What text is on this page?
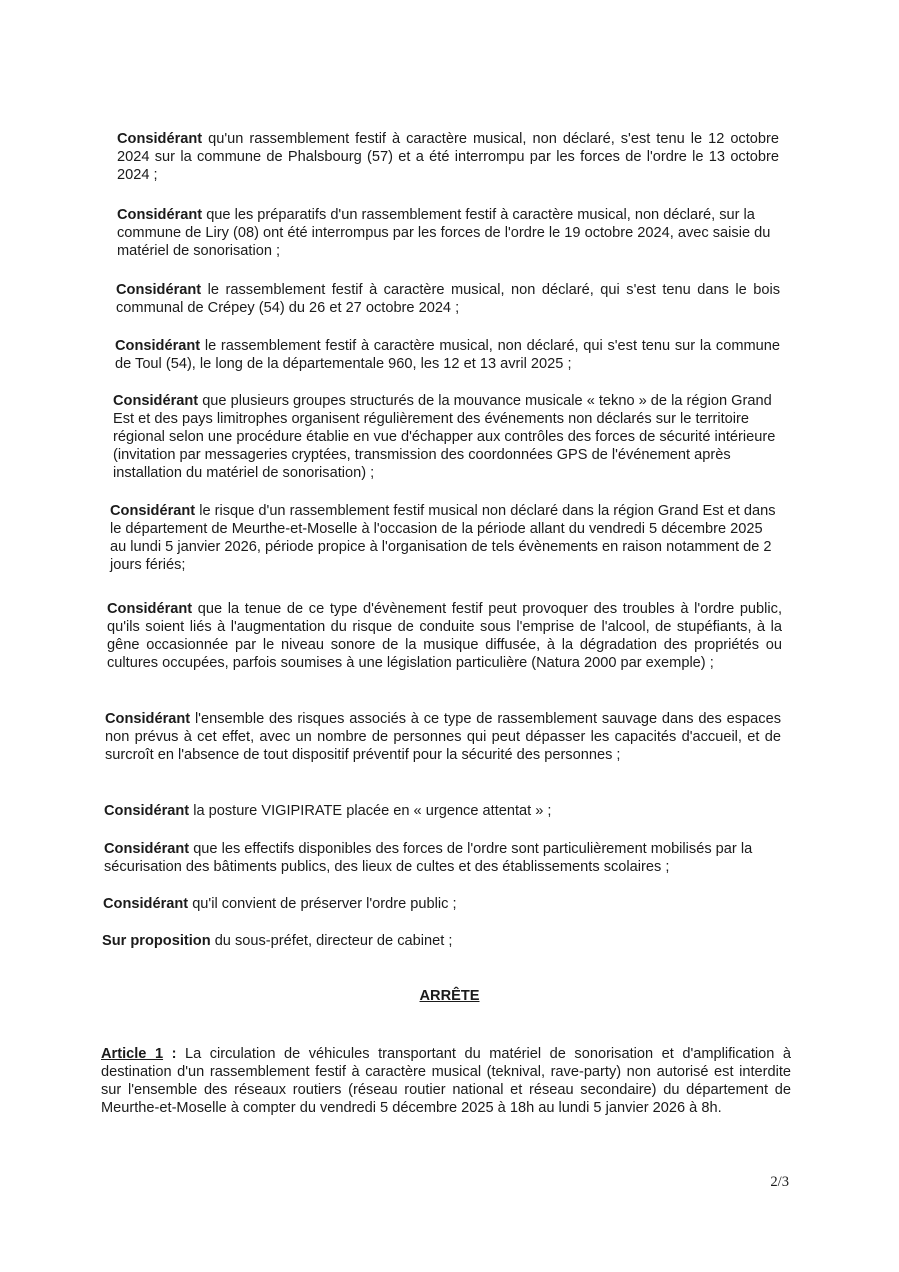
Considérant qu'un rassemblement festif à caractère musical, non déclaré, s'est tenu le 12 octobre 2024 sur la commune de Phalsbourg (57) et a été interrompu par les forces de l'ordre le 13 octobre 2024 ;

Considérant que les préparatifs d'un rassemblement festif à caractère musical, non déclaré, sur la commune de Liry (08) ont été interrompus par les forces de l'ordre le 19 octobre 2024, avec saisie du matériel de sonorisation ;

Considérant le rassemblement festif à caractère musical, non déclaré, qui s'est tenu dans le bois communal de Crépey (54) du 26 et 27 octobre 2024 ;

Considérant le rassemblement festif à caractère musical, non déclaré, qui s'est tenu sur la commune de Toul (54), le long de la départementale 960, les 12 et 13 avril 2025 ;

Considérant que plusieurs groupes structurés de la mouvance musicale « tekno » de la région Grand Est et des pays limitrophes organisent régulièrement des événements non déclarés sur le territoire régional selon une procédure établie en vue d'échapper aux contrôles des forces de sécurité intérieure (invitation par messageries cryptées, transmission des coordonnées GPS de l'événement après installation du matériel de sonorisation) ;

Considérant le risque d'un rassemblement festif musical non déclaré dans la région Grand Est et dans le département de Meurthe-et-Moselle à l'occasion de la période allant du vendredi 5 décembre 2025 au lundi 5 janvier 2026, période propice à l'organisation de tels évènements en raison notamment de 2 jours fériés;

Considérant que la tenue de ce type d'évènement festif peut provoquer des troubles à l'ordre public, qu'ils soient liés à l'augmentation du risque de conduite sous l'emprise de l'alcool, de stupéfiants, à la gêne occasionnée par le niveau sonore de la musique diffusée, à la dégradation des propriétés ou cultures occupées, parfois soumises à une législation particulière (Natura 2000 par exemple) ;

Considérant l'ensemble des risques associés à ce type de rassemblement sauvage dans des espaces non prévus à cet effet, avec un nombre de personnes qui peut dépasser les capacités d'accueil, et de surcroît en l'absence de tout dispositif préventif pour la sécurité des personnes ;

Considérant la posture VIGIPIRATE placée en « urgence attentat » ;

Considérant que les effectifs disponibles des forces de l'ordre sont particulièrement mobilisés par la sécurisation des bâtiments publics, des lieux de cultes et des établissements scolaires ;

Considérant qu'il convient de préserver l'ordre public ;

Sur proposition du sous-préfet, directeur de cabinet ;

ARRÊTE

Article 1 : La circulation de véhicules transportant du matériel de sonorisation et d'amplification à destination d'un rassemblement festif à caractère musical (teknival, rave-party) non autorisé est interdite sur l'ensemble des réseaux routiers (réseau routier national et réseau secondaire) du département de Meurthe-et-Moselle à compter du vendredi 5 décembre 2025 à 18h au lundi 5 janvier 2026 à 8h.

2/3
